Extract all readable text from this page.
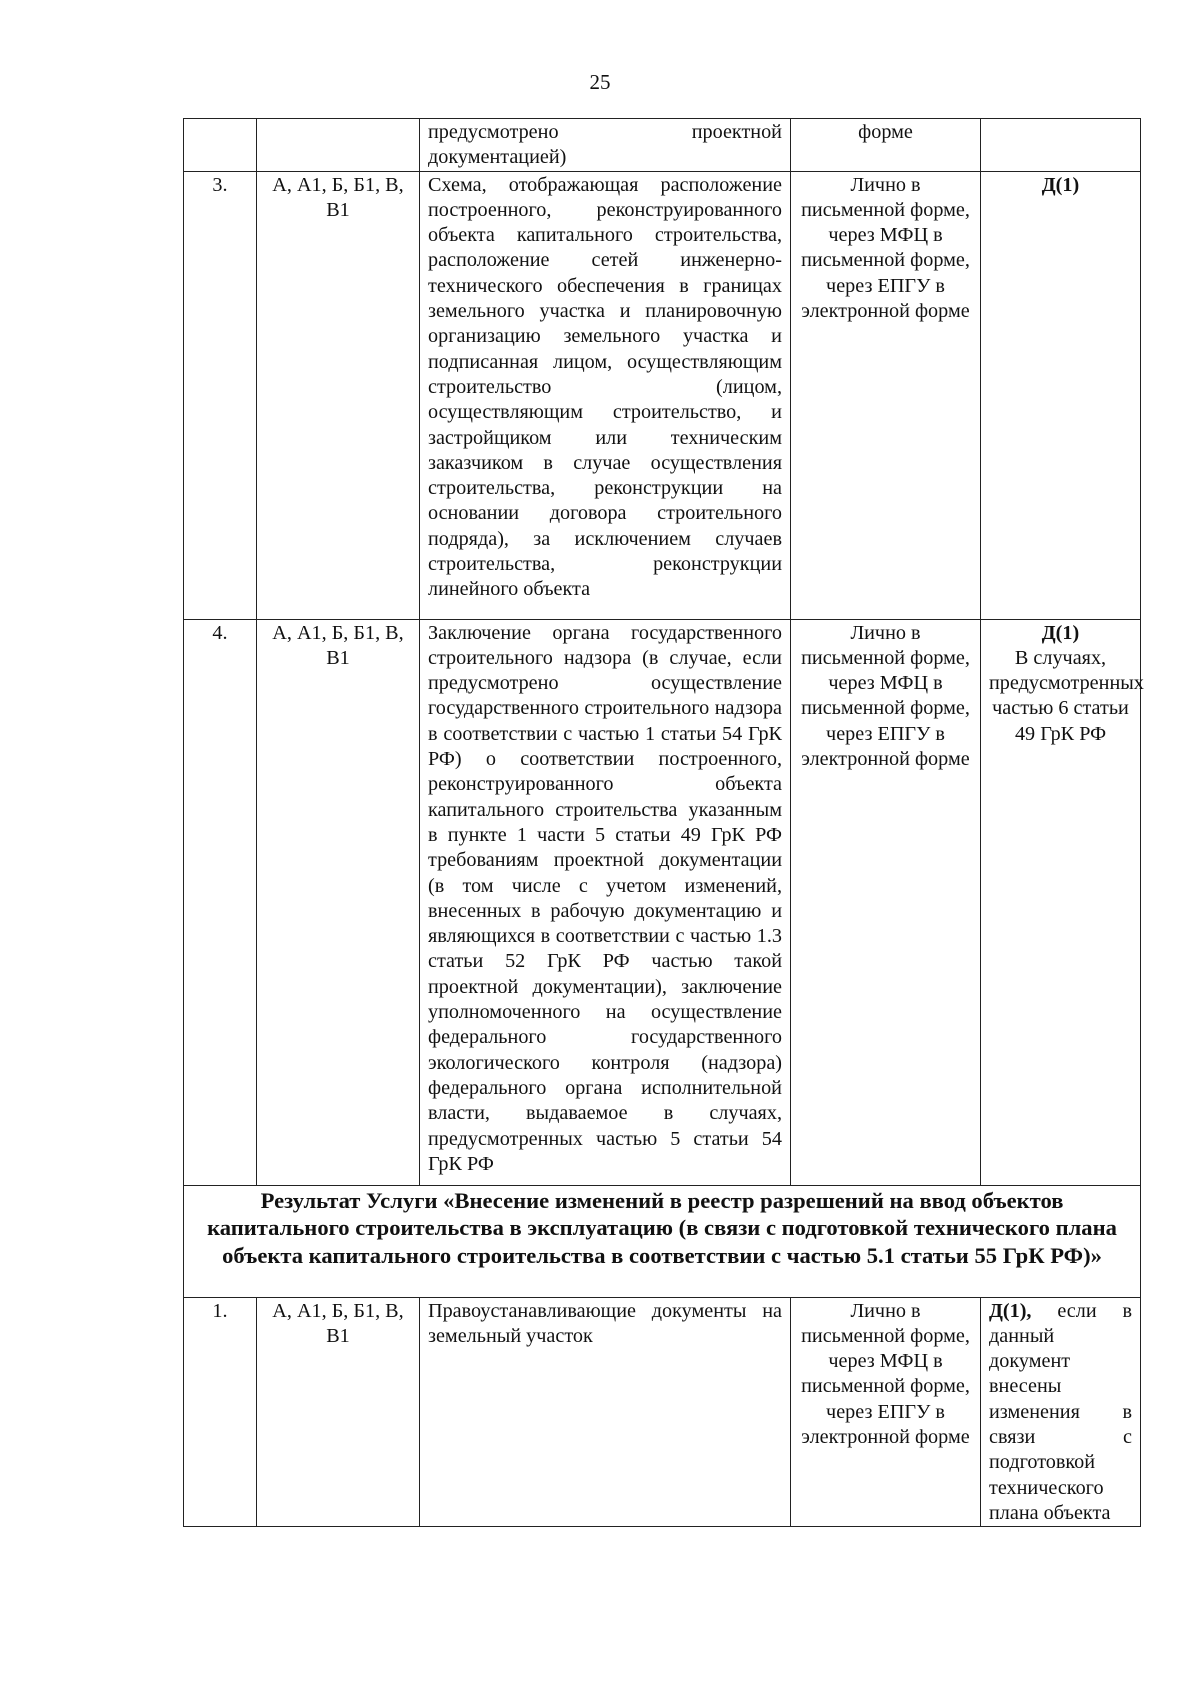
25

		предусмотрено проектной документацией)	форме	
3.	А, А1, Б, Б1, В, В1	Схема, отображающая расположение построенного, реконструированного объекта капитального строительства, расположение сетей инженерно-технического обеспечения в границах земельного участка и планировочную организацию земельного участка и подписанная лицом, осуществляющим строительство (лицом, осуществляющим строительство, и застройщиком или техническим заказчиком в случае осуществления строительства, реконструкции на основании договора строительного подряда), за исключением случаев строительства, реконструкции линейного объекта	Лично в письменной форме, через МФЦ в письменной форме, через ЕПГУ в электронной форме	Д(1)
4.	А, А1, Б, Б1, В, В1	Заключение органа государственного строительного надзора (в случае, если предусмотрено осуществление государственного строительного надзора в соответствии с частью 1 статьи 54 ГрК РФ) о соответствии построенного, реконструированного объекта капитального строительства указанным в пункте 1 части 5 статьи 49 ГрК РФ требованиям проектной документации (в том числе с учетом изменений, внесенных в рабочую документацию и являющихся в соответствии с частью 1.3 статьи 52 ГрК РФ частью такой проектной документации), заключение уполномоченного на осуществление федерального государственного экологического контроля (надзора) федерального органа исполнительной власти, выдаваемое в случаях, предусмотренных частью 5 статьи 54 ГрК РФ	Лично в письменной форме, через МФЦ в письменной форме, через ЕПГУ в электронной форме	Д(1)
В случаях, предусмотренных частью 6 статьи 49 ГрК РФ
Результат Услуги «Внесение изменений в реестр разрешений на ввод объектов капитального строительства в эксплуатацию (в связи с подготовкой технического плана объекта капитального строительства в соответствии с частью 5.1 статьи 55 ГрК РФ)»				
1.	А, А1, Б, Б1, В, В1	Правоустанавливающие документы на земельный участок	Лично в письменной форме, через МФЦ в письменной форме, через ЕПГУ в электронной форме	Д(1), если в данный документ внесены изменения в связи с подготовкой технического плана объекта
